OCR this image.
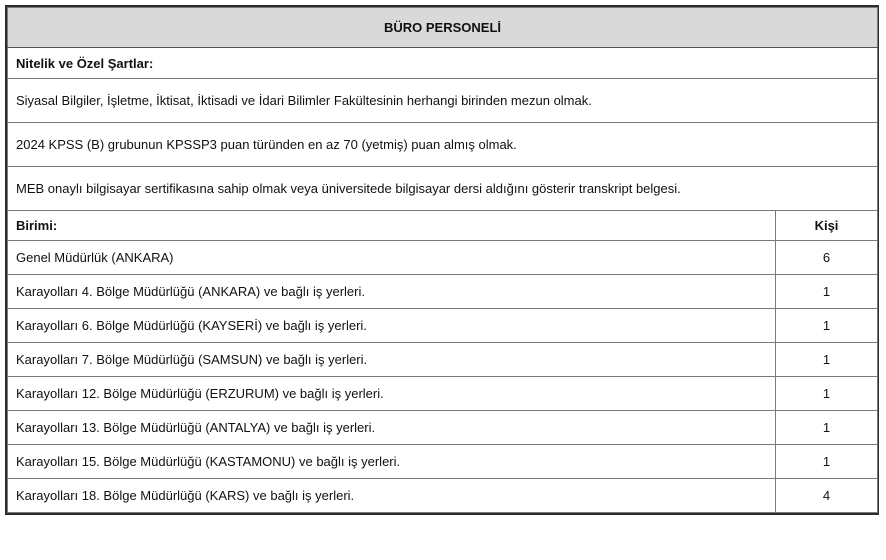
BÜRO PERSONELİ	
Nitelik ve Özel Şartlar:	
Siyasal Bilgiler, İşletme, İktisat, İktisadi ve İdari Bilimler Fakültesinin herhangi birinden mezun olmak.	
2024 KPSS (B) grubunun KPSSP3 puan türünden en az 70 (yetmiş) puan almış olmak.	
MEB onaylı bilgisayar sertifikasına sahip olmak veya üniversitede bilgisayar dersi aldığını gösterir transkript belgesi.	
Birimi:	Kişi
Genel Müdürlük (ANKARA)	6
Karayolları 4. Bölge Müdürlüğü (ANKARA) ve bağlı iş yerleri.	1
Karayolları 6. Bölge Müdürlüğü (KAYSERİ) ve bağlı iş yerleri.	1
Karayolları 7. Bölge Müdürlüğü (SAMSUN) ve bağlı iş yerleri.	1
Karayolları 12. Bölge Müdürlüğü (ERZURUM) ve bağlı iş yerleri.	1
Karayolları 13. Bölge Müdürlüğü (ANTALYA) ve bağlı iş yerleri.	1
Karayolları 15. Bölge Müdürlüğü (KASTAMONU) ve bağlı iş yerleri.	1
Karayolları 18. Bölge Müdürlüğü (KARS) ve bağlı iş yerleri.	4
